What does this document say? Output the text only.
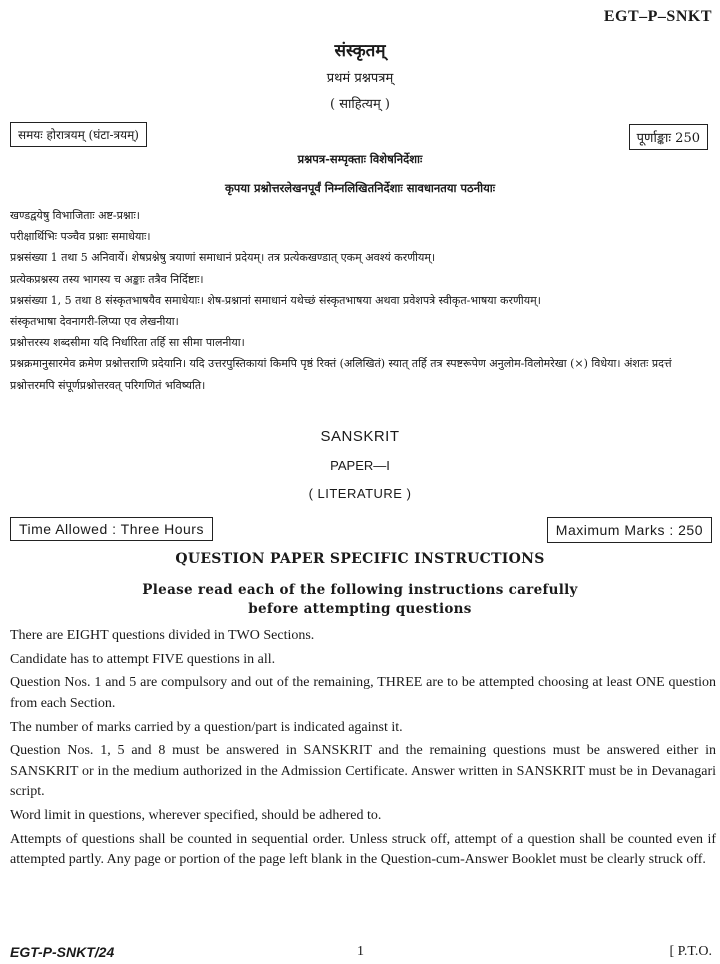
EGT–P–SNKT
संस्कृतम्
प्रथमं प्रश्नपत्रम्
( साहित्यम् )
समयः होरात्रयम् (घंटा-त्रयम्)	पूर्णाङ्काः 250
प्रश्नपत्र-सम्पृक्ताः विशेषनिर्देशाः
कृपया प्रश्नोत्तरलेखनपूर्वं निम्नलिखितनिर्देशाः सावधानतया पठनीयाः

खण्डद्वयेषु विभाजिताः अष्ट-प्रश्नाः।

परीक्षार्थिभिः पञ्चैव प्रश्नाः समाधेयाः।

प्रश्नसंख्या 1 तथा 5 अनिवार्ये। शेषप्रश्नेषु त्रयाणां समाधानं प्रदेयम्। तत्र प्रत्येकखण्डात् एकम् अवश्यं करणीयम्।

प्रत्येकप्रश्नस्य तस्य भागस्य च अङ्काः तत्रैव निर्दिष्टाः।

प्रश्नसंख्या 1, 5 तथा 8 संस्कृतभाषयैव समाधेयाः। शेष-प्रश्नानां समाधानं यथेच्छं संस्कृतभाषया अथवा प्रवेशपत्रे स्वीकृत-भाषया करणीयम्।

संस्कृतभाषा देवनागरी-लिप्या एव लेखनीया।

प्रश्नोत्तरस्य शब्दसीमा यदि निर्धारिता तर्हि सा सीमा पालनीया।

प्रश्नक्रमानुसारमेव क्रमेण प्रश्नोत्तराणि प्रदेयानि। यदि उत्तरपुस्तिकायां किमपि पृष्ठं रिक्तं (अलिखितं) स्यात् तर्हि तत्र स्पष्टरूपेण अनुलोम-विलोमरेखा (×) विधेया। अंशतः प्रदत्तं प्रश्नोत्तरमपि संपूर्णप्रश्नोत्तरवत् परिगणितं भविष्यति।

SANSKRIT
PAPER—I
( LITERATURE )
Time Allowed : Three Hours	Maximum Marks : 250
QUESTION PAPER SPECIFIC INSTRUCTIONS
Please read each of the following instructions carefully
before attempting questions

There are EIGHT questions divided in TWO Sections.

Candidate has to attempt FIVE questions in all.

Question Nos. 1 and 5 are compulsory and out of the remaining, THREE are to be attempted choosing at least ONE question from each Section.

The number of marks carried by a question/part is indicated against it.

Question Nos. 1, 5 and 8 must be answered in SANSKRIT and the remaining questions must be answered either in SANSKRIT or in the medium authorized in the Admission Certificate. Answer written in SANSKRIT must be in Devanagari script.

Word limit in questions, wherever specified, should be adhered to.

Attempts of questions shall be counted in sequential order. Unless struck off, attempt of a question shall be counted even if attempted partly. Any page or portion of the page left blank in the Question-cum-Answer Booklet must be clearly struck off.

EGT-P-SNKT/24	1	[ P.T.O.
